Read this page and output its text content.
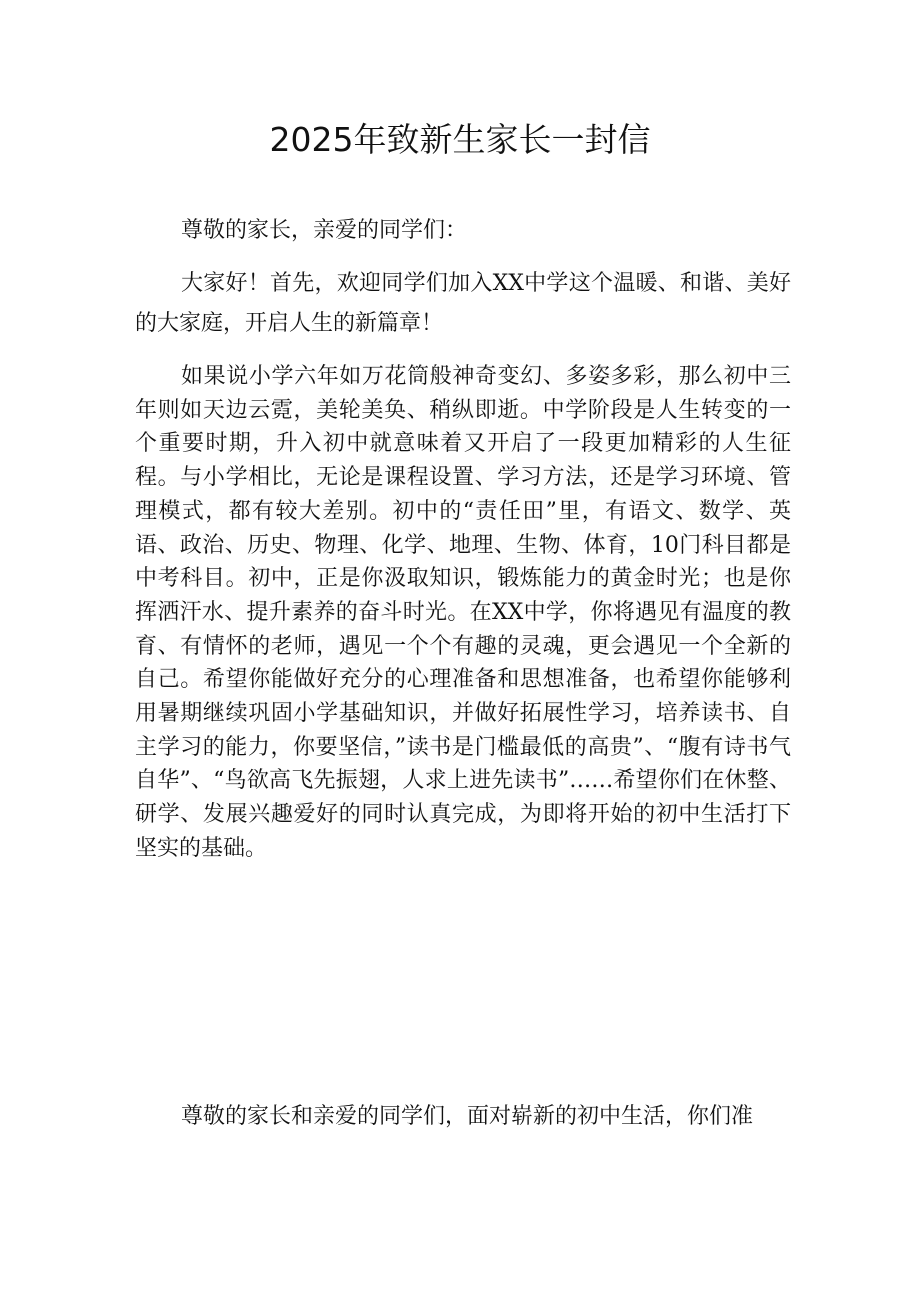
2025年致新生家长一封信

尊敬的家长，亲爱的同学们：

大家好！首先，欢迎同学们加入XX中学这个温暖、和谐、美好的大家庭，开启人生的新篇章！

如果说小学六年如万花筒般神奇变幻、多姿多彩，那么初中三年则如天边云霓，美轮美奂、稍纵即逝。中学阶段是人生转变的一个重要时期，升入初中就意味着又开启了一段更加精彩的人生征程。与小学相比，无论是课程设置、学习方法，还是学习环境、管理模式，都有较大差别。初中的“责任田”里，有语文、数学、英语、政治、历史、物理、化学、地理、生物、体育，10门科目都是中考科目。初中，正是你汲取知识，锻炼能力的黄金时光；也是你挥洒汗水、提升素养的奋斗时光。在XX中学，你将遇见有温度的教育、有情怀的老师，遇见一个个有趣的灵魂，更会遇见一个全新的自己。希望你能做好充分的心理准备和思想准备，也希望你能够利用暑期继续巩固小学基础知识，并做好拓展性学习，培养读书、自主学习的能力，你要坚信，”读书是门槛最低的高贵”、“腹有诗书气自华”、“鸟欲高飞先振翅，人求上进先读书”……希望你们在休整、研学、发展兴趣爱好的同时认真完成，为即将开始的初中生活打下坚实的基础。

尊敬的家长和亲爱的同学们，面对崭新的初中生活，你们准
